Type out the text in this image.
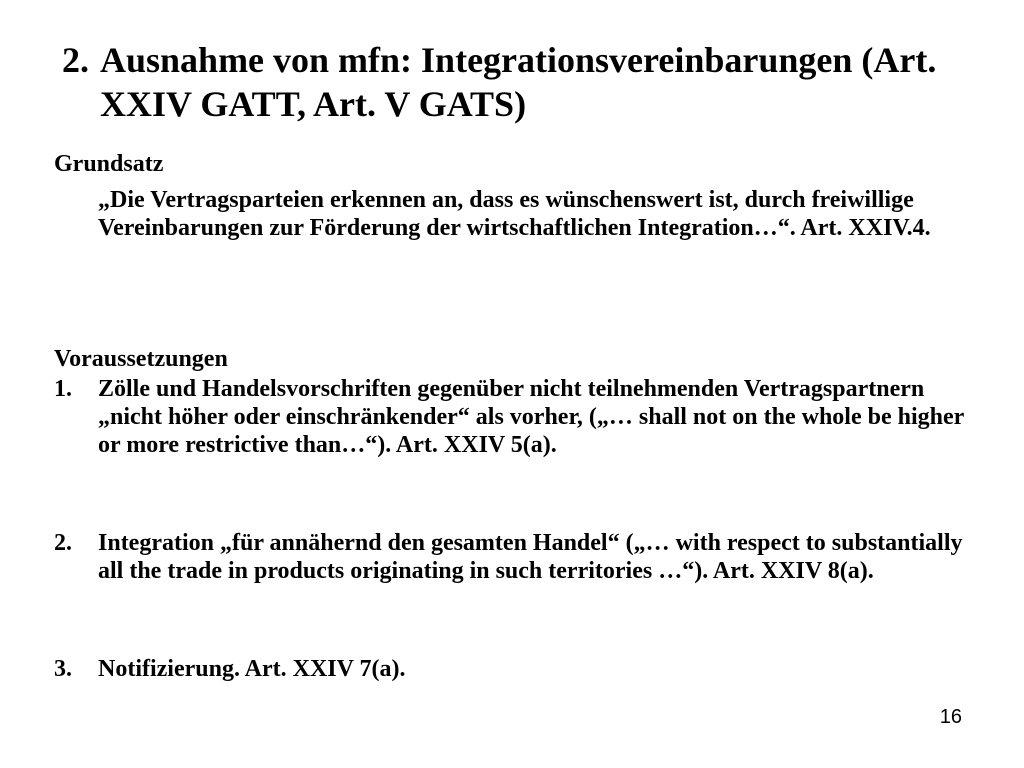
2. Ausnahme von mfn: Integrationsvereinbarungen (Art. XXIV GATT, Art. V GATS)
Grundsatz
„Die Vertragsparteien erkennen an, dass es wünschenswert ist, durch freiwillige Vereinbarungen zur Förderung der wirtschaftlichen Integration…“. Art. XXIV.4.
Voraussetzungen
1. Zölle und Handelsvorschriften gegenüber nicht teilnehmenden Vertragspartnern „nicht höher oder einschränkender“ als vorher, („… shall not on the whole be higher or more restrictive than…“). Art. XXIV 5(a).
2. Integration „für annähernd den gesamten Handel“ („… with respect to substantially all the trade in products originating in such territories …“). Art. XXIV 8(a).
3. Notifizierung. Art. XXIV 7(a).
16
